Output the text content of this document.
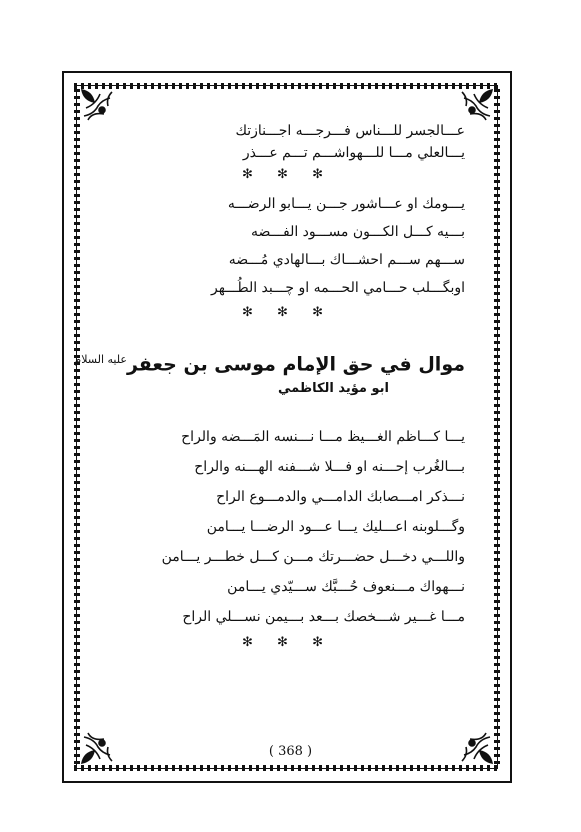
عـــالجسر للـــناس فـــرجـــه اجـــنازتك
يـــالعلي مـــا للـــهواشـــم تـــم عـــذر
✻ ✻ ✻
يـــومك او عـــاشور جـــن يـــابو الرضـــه
بـــيه كـــل الكـــون مســـود الفـــضه
ســـهم ســـم احشـــاك بـــالهادي مُـــضه
اوبگـــلب حـــامي الحـــمه او چـــبد الطُـــهر
✻ ✻ ✻
موال في حق الإمام موسى بن جعفر$^{عليه السلام}$
ابو مؤيد الكاظمي
يـــا كـــاظم الغـــيظ مـــا نـــنسه المَـــضه والراح
بـــالغُرب إحـــنه او فـــلا شـــفنه الهـــنه والراح
نـــذكر امـــصابك الدامـــي والدمـــوع الراح
وگـــلوبنه اعـــليك يـــا عـــود الرضـــا يـــامن
واللـــي دخـــل حضـــرتك مـــن كـــل خطـــر يـــامن
نـــهواك مـــنعوف حُـــبَّك ســـيّدي يـــامن
مـــا غـــير شـــخصك بـــعد بـــيمن نســـلي الراح
✻ ✻ ✻
( 368 )
